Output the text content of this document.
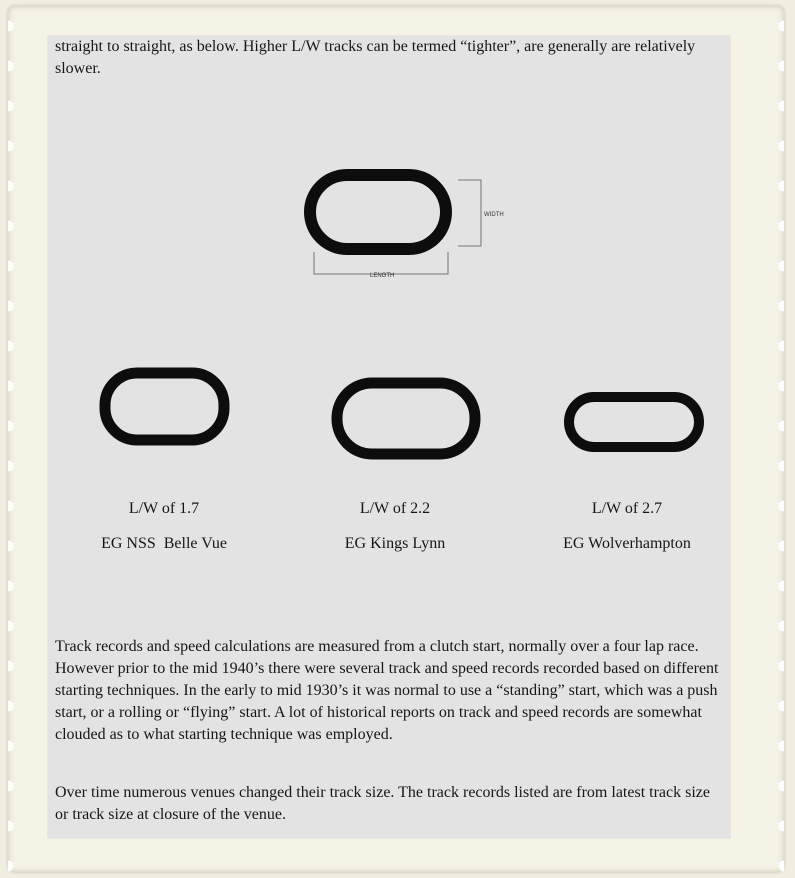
straight to straight, as below. Higher L/W tracks can be termed “tighter”, are generally are relatively slower.

WIDTH
LENGTH
L/W of 1.7	L/W of 2.2	L/W of 2.7
EG NSS  Belle Vue	EG Kings Lynn	EG Wolverhampton

Track records and speed calculations are measured from a clutch start, normally over a four lap race. However prior to the mid 1940’s there were several track and speed records recorded based on different starting techniques. In the early to mid 1930’s it was normal to use a “standing” start, which was a push start, or a rolling or “flying” start. A lot of historical reports on track and speed records are somewhat clouded as to what starting technique was employed.

Over time numerous venues changed their track size. The track records listed are from latest track size or track size at closure of the venue.
